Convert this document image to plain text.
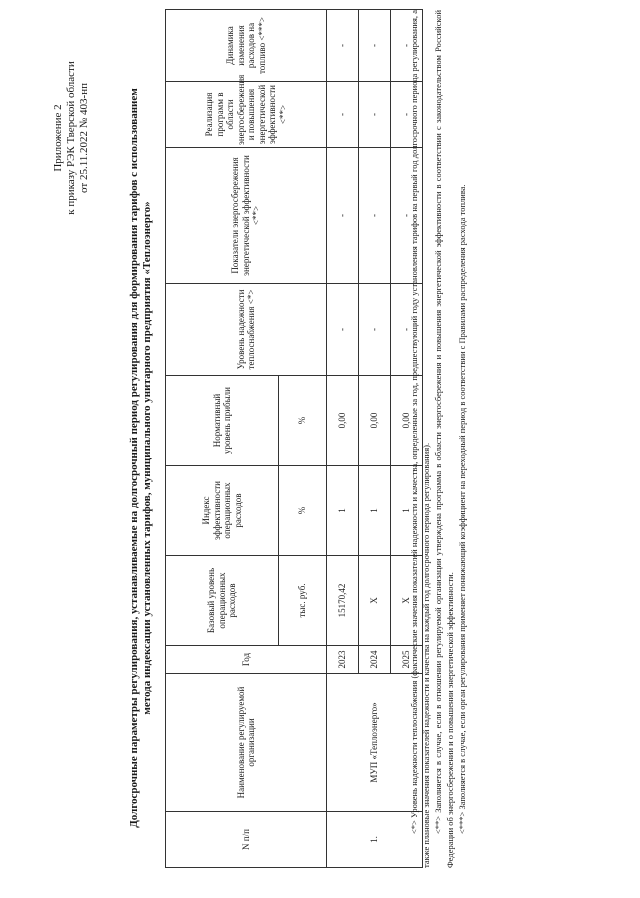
Приложение 2 к приказу РЭК Тверской области от 25.11.2022 № 403-нп	Долгосрочные параметры регулирования, устанавливаемые на долгосрочный период регулирования для формирования тарифов с использованием метода индексации установленных тарифов, муниципального унитарного предприятия «Теплоэнерго»
N п/п	Наименование регулируемой организации	Год	Базовый уровень операционных расходов	Индекс эффективности операционных расходов	Нормативный уровень прибыли	Уровень надежности теплоснабжения <*>	Показатели энергосбережения энергетической эффективности <**>	Реализация программ в области энергосбережения и повышения энергетической эффективности <**>	Динамика изменения расходов на топливо <***>
			тыс. руб.	%	%				
1.	МУП «Теплоэнерго»	2023	15170,42	1	0,00	-	-	-	-
		2024	Х	1	0,00	-	-	-	-
		2025	Х	1	0,00	-	-	-	-

<*> Уровень надежности теплоснабжения (фактические значения показателей надежности и качества, определенные за год, предшествующий году установления тарифов на первый год долгосрочного периода регулирования, а также плановые значения показателей надежности и качества на каждый год долгосрочного периода регулирования). <**> Заполняется в случае, если в отношении регулируемой организации утверждена программа в области энергосбережения и повышения энергетической эффективности в соответствии с законодательством Российской Федерации об энергосбережении и о повышении энергетической эффективности. <***> Заполняется в случае, если орган регулирования применяет понижающий коэффициент на переходный период в соответствии с Правилами распределения расхода топлива.
